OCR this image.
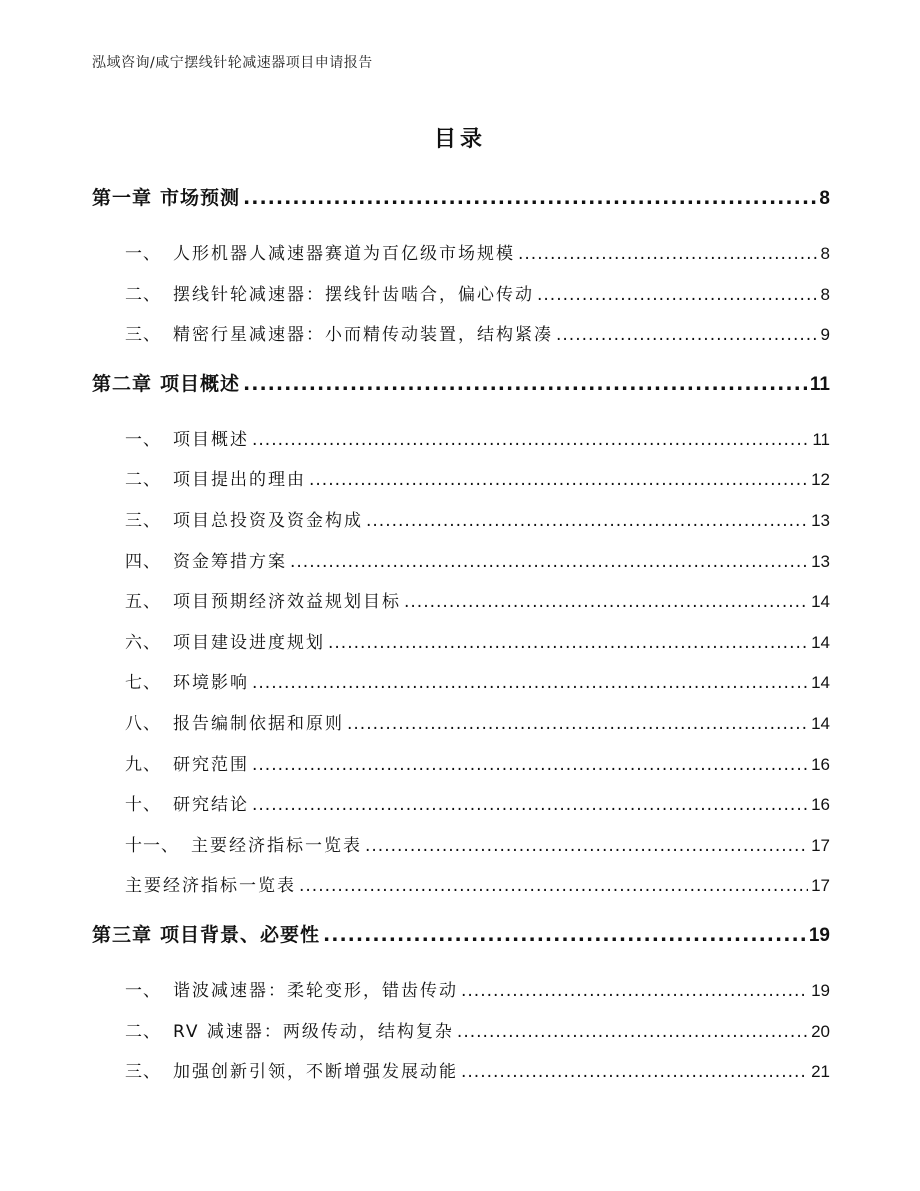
泓域咨询/咸宁摆线针轮减速器项目申请报告
目录
第一章 市场预测 .....	8
一、 人形机器人减速器赛道为百亿级市场规模 .....	8
二、 摆线针轮减速器：摆线针齿啮合，偏心传动 .....	8
三、 精密行星减速器：小而精传动装置，结构紧凑 .....	9
第二章 项目概述 .....	11
一、 项目概述 .....	11
二、 项目提出的理由 .....	12
三、 项目总投资及资金构成 .....	13
四、 资金筹措方案 .....	13
五、 项目预期经济效益规划目标 .....	14
六、 项目建设进度规划 .....	14
七、 环境影响 .....	14
八、 报告编制依据和原则 .....	14
九、 研究范围 .....	16
十、 研究结论 .....	16
十一、 主要经济指标一览表 .....	17
主要经济指标一览表 .....	17
第三章 项目背景、必要性 .....	19
一、 谐波减速器：柔轮变形，错齿传动 .....	19
二、 RV 减速器：两级传动，结构复杂 .....	20
三、 加强创新引领，不断增强发展动能 .....	21
